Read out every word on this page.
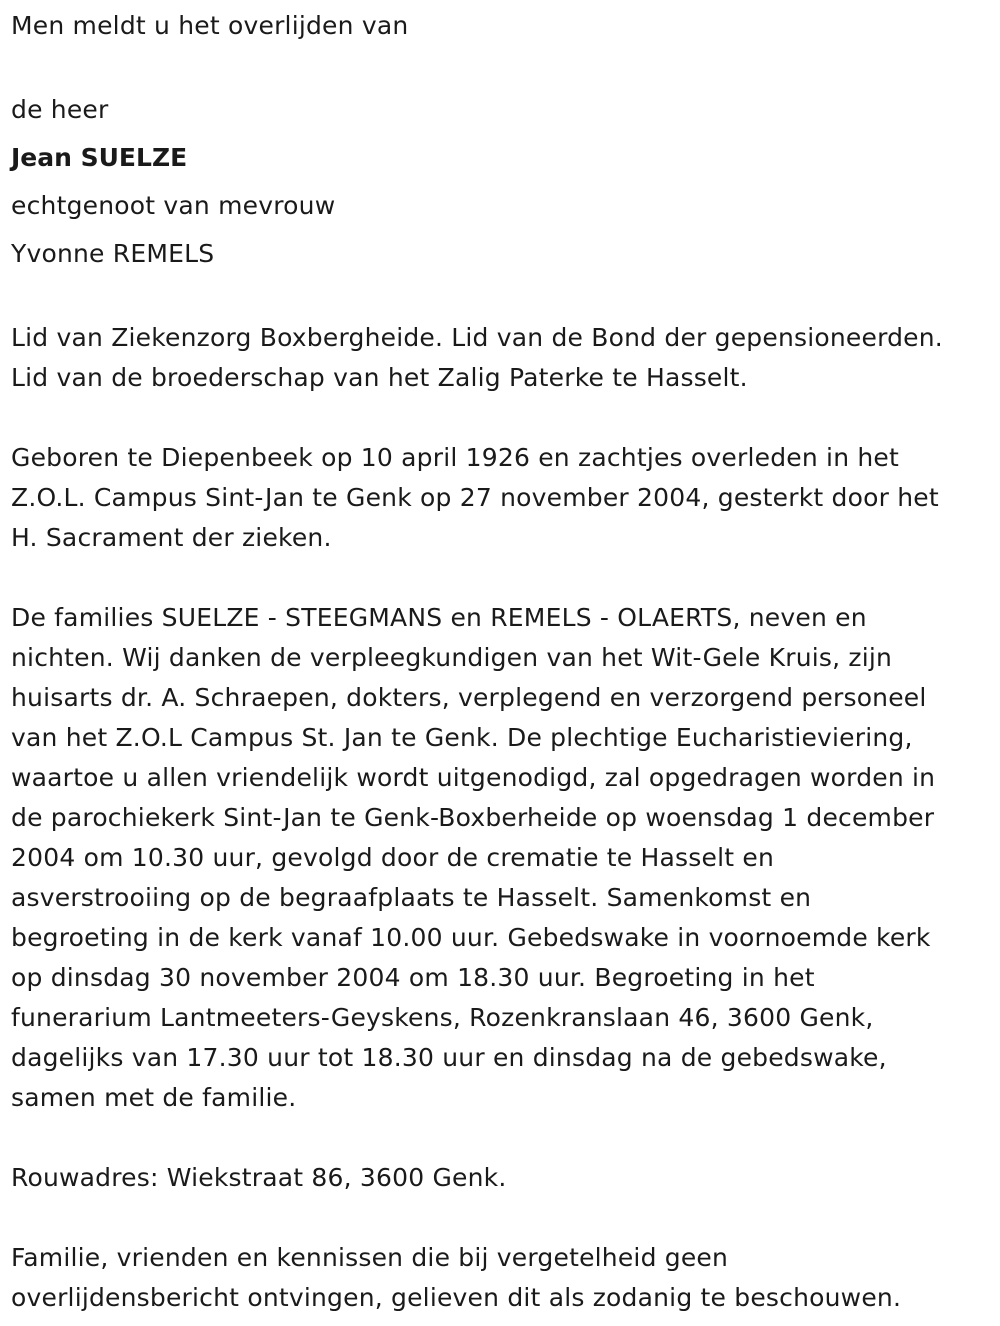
Men meldt u het overlijden van
de heer
Jean SUELZE
echtgenoot van mevrouw
Yvonne REMELS
Lid van Ziekenzorg Boxbergheide. Lid van de Bond der gepensioneerden.
Lid van de broederschap van het Zalig Paterke te Hasselt.
Geboren te Diepenbeek op 10 april 1926 en zachtjes overleden in het
Z.O.L. Campus Sint-Jan te Genk op 27 november 2004, gesterkt door het
H. Sacrament der zieken.
De families SUELZE - STEEGMANS en REMELS - OLAERTS, neven en
nichten. Wij danken de verpleegkundigen van het Wit-Gele Kruis, zijn
huisarts dr. A. Schraepen, dokters, verplegend en verzorgend personeel
van het Z.O.L Campus St. Jan te Genk. De plechtige Eucharistieviering,
waartoe u allen vriendelijk wordt uitgenodigd, zal opgedragen worden in
de parochiekerk Sint-Jan te Genk-Boxberheide op woensdag 1 december
2004 om 10.30 uur, gevolgd door de crematie te Hasselt en
asverstrooiing op de begraafplaats te Hasselt. Samenkomst en
begroeting in de kerk vanaf 10.00 uur. Gebedswake in voornoemde kerk
op dinsdag 30 november 2004 om 18.30 uur. Begroeting in het
funerarium Lantmeeters-Geyskens, Rozenkranslaan 46, 3600 Genk,
dagelijks van 17.30 uur tot 18.30 uur en dinsdag na de gebedswake,
samen met de familie.
Rouwadres: Wiekstraat 86, 3600 Genk.
Familie, vrienden en kennissen die bij vergetelheid geen
overlijdensbericht ontvingen, gelieven dit als zodanig te beschouwen.
